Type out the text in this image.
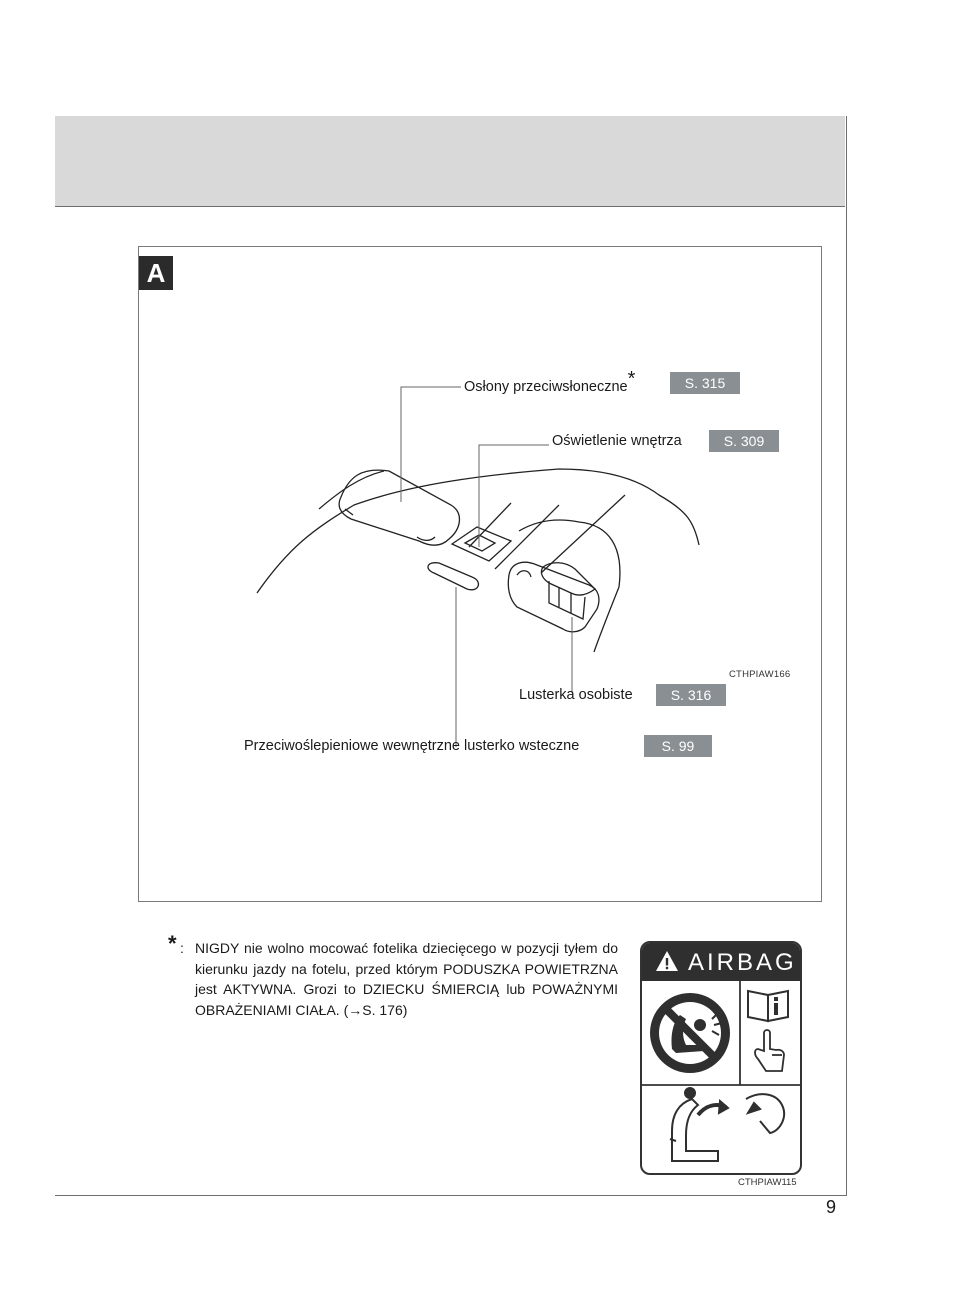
9
A
CTHPIAW166
Osłony przeciwsłoneczne*	S. 315
Oświetlenie wnętrza	S. 309
Lusterka osobiste	S. 316
Przeciwoślepieniowe wewnętrzne lusterko wsteczne	S. 99
* : NIGDY nie wolno mocować fotelika dziecięcego w pozycji tyłem do kierunku jazdy na fotelu, przed którym PODUSZKA POWIETRZNA jest AKTYWNA. Grozi to DZIECKU ŚMIERCIĄ lub POWAŻNYMI OBRAŻENIAMI CIAŁA. (→S. 176)
AIRBAG
CTHPIAW115
